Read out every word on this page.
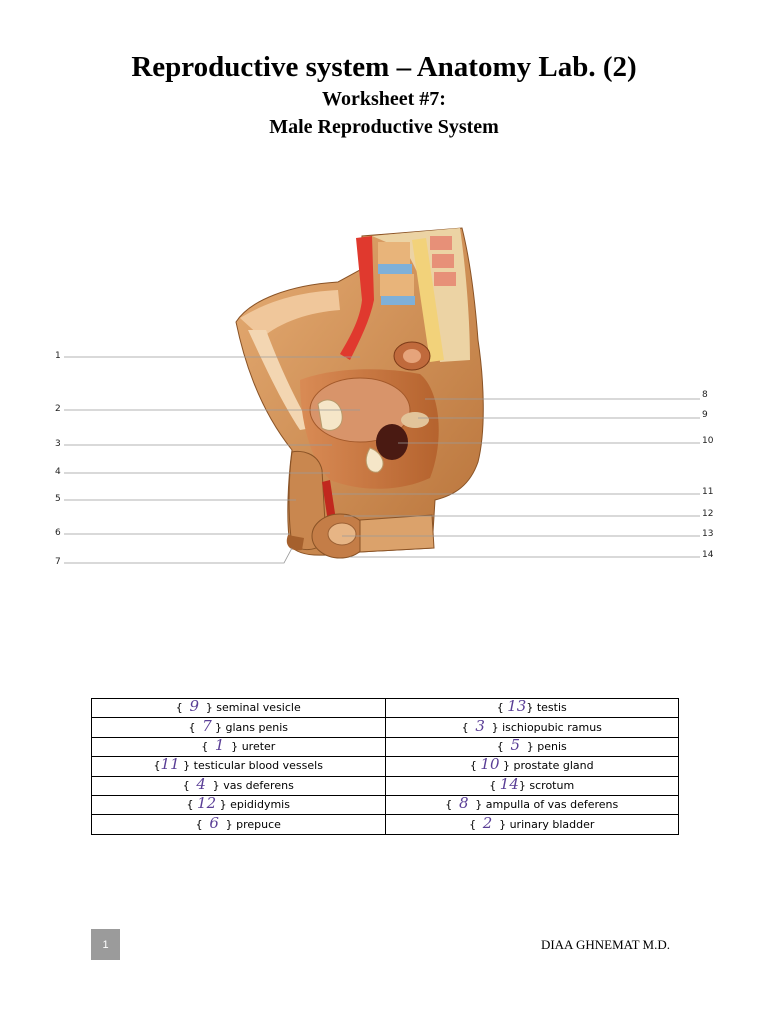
Reproductive system – Anatomy Lab. (2)
Worksheet #7:
Male Reproductive System
1
2
3
4
5
6
7
8
9
10
11
12
13
14
{ 9 } seminal vesicle	{ 13} testis
{ 7 } glans penis	{ 3 } ischiopubic ramus
{ 1 } ureter	{ 5 } penis
{11 } testicular blood vessels	{ 10 } prostate gland
{ 4 } vas deferens	{ 14} scrotum
{ 12 } epididymis	{ 8 } ampulla of vas deferens
{ 6 } prepuce	{ 2 } urinary bladder
1	DIAA GHNEMAT M.D.
